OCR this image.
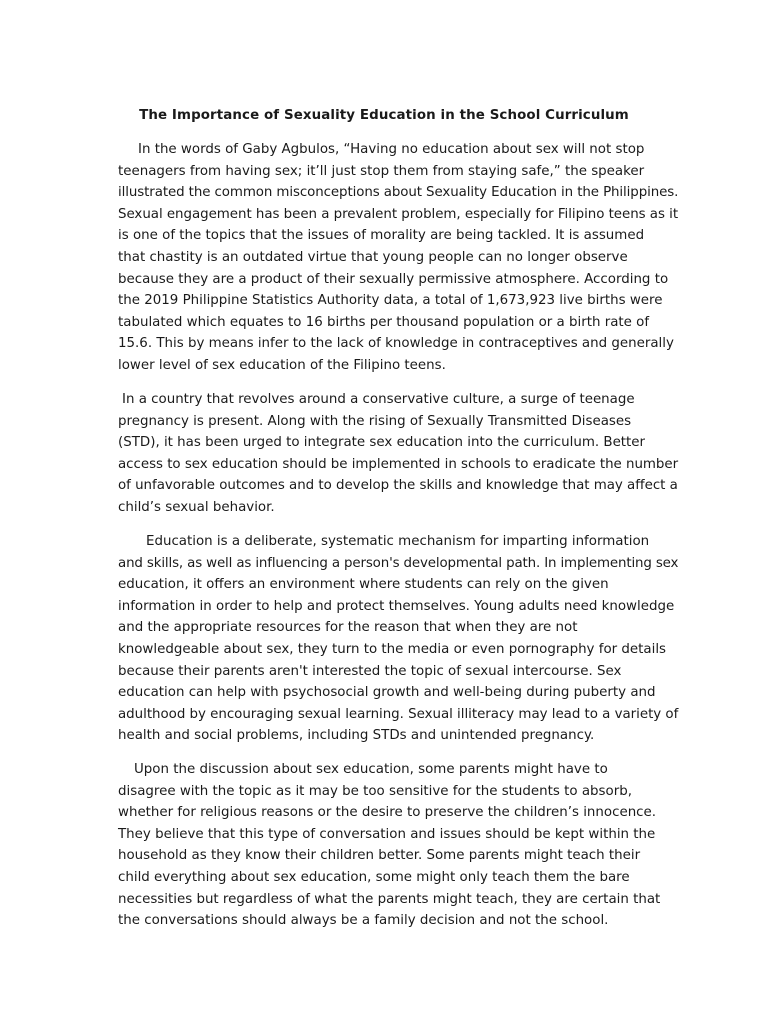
The Importance of Sexuality Education in the School Curriculum

In the words of Gaby Agbulos, “Having no education about sex will not stop
teenagers from having sex; it’ll just stop them from staying safe,” the speaker
illustrated the common misconceptions about Sexuality Education in the Philippines.
Sexual engagement has been a prevalent problem, especially for Filipino teens as it
is one of the topics that the issues of morality are being tackled. It is assumed
that chastity is an outdated virtue that young people can no longer observe
because they are a product of their sexually permissive atmosphere. According to
the 2019 Philippine Statistics Authority data, a total of 1,673,923 live births were
tabulated which equates to 16 births per thousand population or a birth rate of
15.6. This by means infer to the lack of knowledge in contraceptives and generally
lower level of sex education of the Filipino teens.

In a country that revolves around a conservative culture, a surge of teenage
pregnancy is present. Along with the rising of Sexually Transmitted Diseases
(STD), it has been urged to integrate sex education into the curriculum. Better
access to sex education should be implemented in schools to eradicate the number
of unfavorable outcomes and to develop the skills and knowledge that may affect a
child’s sexual behavior.

Education is a deliberate, systematic mechanism for imparting information
and skills, as well as influencing a person's developmental path. In implementing sex
education, it offers an environment where students can rely on the given
information in order to help and protect themselves. Young adults need knowledge
and the appropriate resources for the reason that when they are not
knowledgeable about sex, they turn to the media or even pornography for details
because their parents aren't interested the topic of sexual intercourse. Sex
education can help with psychosocial growth and well-being during puberty and
adulthood by encouraging sexual learning. Sexual illiteracy may lead to a variety of
health and social problems, including STDs and unintended pregnancy.

Upon the discussion about sex education, some parents might have to
disagree with the topic as it may be too sensitive for the students to absorb,
whether for religious reasons or the desire to preserve the children’s innocence.
They believe that this type of conversation and issues should be kept within the
household as they know their children better. Some parents might teach their
child everything about sex education, some might only teach them the bare
necessities but regardless of what the parents might teach, they are certain that
the conversations should always be a family decision and not the school.
